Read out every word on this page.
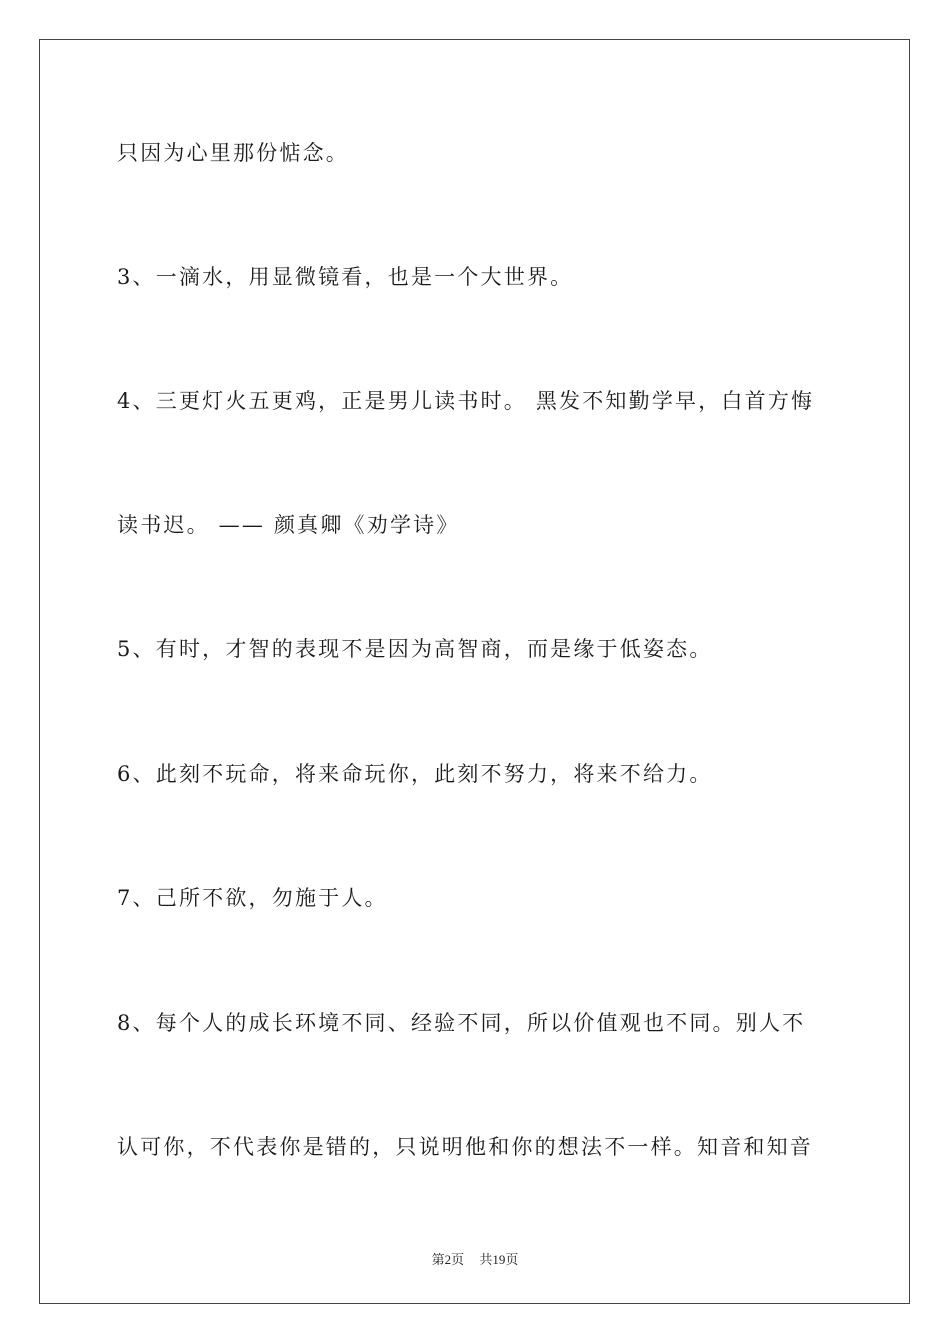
只因为心里那份惦念。
3、一滴水，用显微镜看，也是一个大世界。
4、三更灯火五更鸡，正是男儿读书时。 黑发不知勤学早，白首方悔
读书迟。 —— 颜真卿《劝学诗》
5、有时，才智的表现不是因为高智商，而是缘于低姿态。
6、此刻不玩命，将来命玩你，此刻不努力，将来不给力。
7、己所不欲，勿施于人。
8、每个人的成长环境不同、经验不同，所以价值观也不同。别人不
认可你，不代表你是错的，只说明他和你的想法不一样。知音和知音
第2页 共19页
